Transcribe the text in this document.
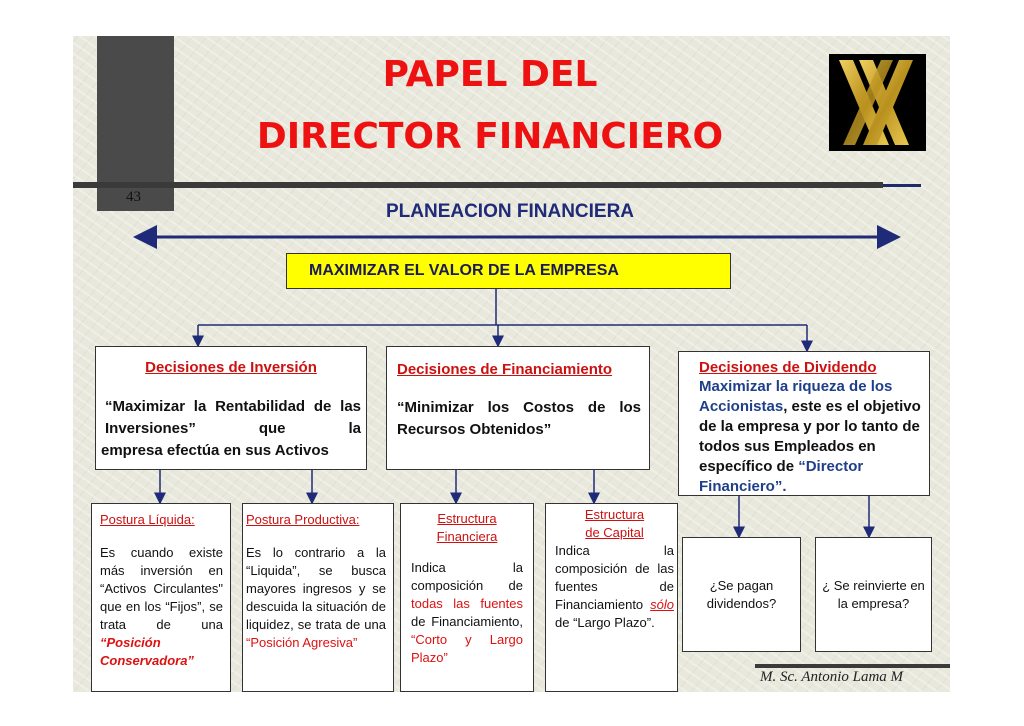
43
PAPEL DEL
DIRECTOR FINANCIERO
PLANEACION FINANCIERA
MAXIMIZAR EL VALOR DE LA EMPRESA
Decisiones de Inversión
“Maximizar la Rentabilidad de las Inversiones” que la
empresa efectúa en sus Activos
Decisiones de Financiamiento
“Minimizar los Costos de los Recursos Obtenidos”
Decisiones de Dividendo
Maximizar la riqueza de los Accionistas, este es el objetivo de la empresa y por lo tanto de todos sus Empleados en específico de “Director Financiero”.
Postura Líquida:
Es cuando existe más inversión en “Activos Circulantes" que en los “Fijos”, se trata de una “Posición Conservadora”
Postura Productiva:
Es lo contrario a la “Liquida”, se busca mayores ingresos y se descuida la situación de liquidez, se trata de una “Posición Agresiva”
Estructura
Financiera
Indica la composición de todas las fuentes de Financiamiento, “Corto y Largo Plazo”
Estructura
de Capital
Indica la composición de las fuentes de Financiamiento sólo de “Largo Plazo”.
¿Se pagan dividendos?
¿ Se reinvierte en la empresa?
M. Sc. Antonio Lama M
